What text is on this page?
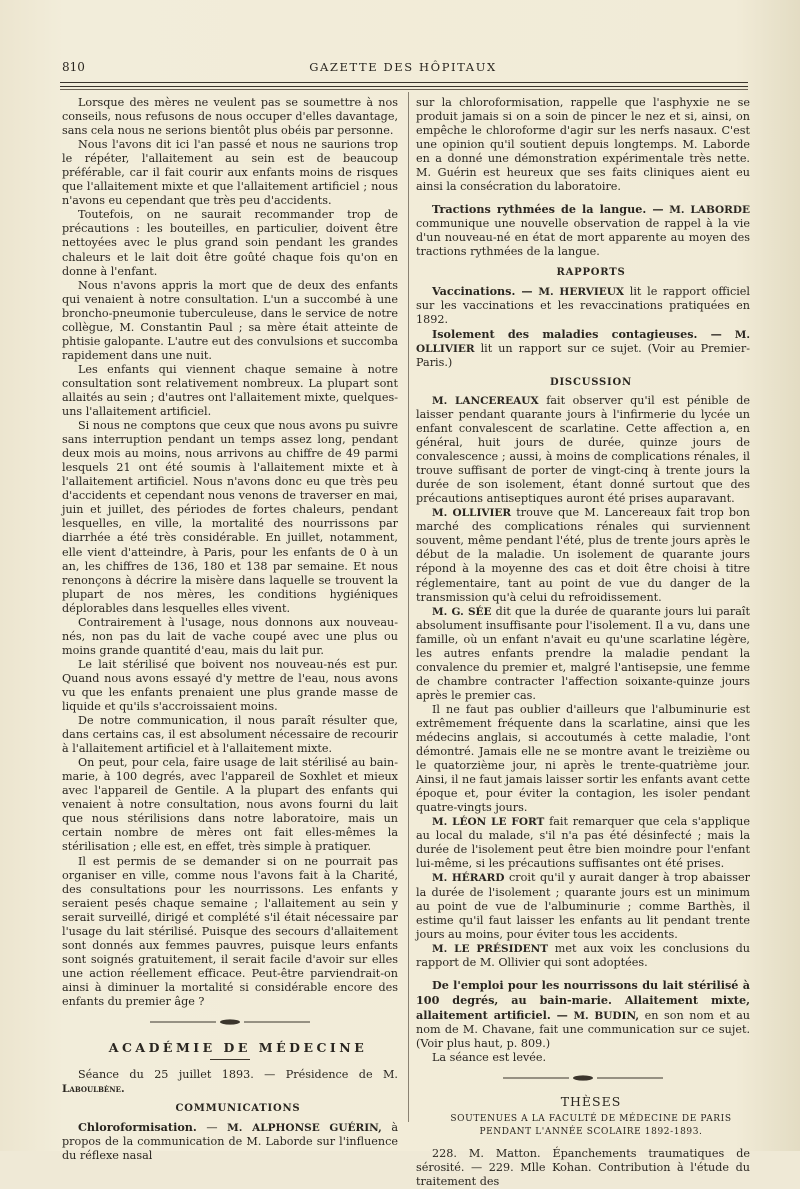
810	GAZETTE DES HÔPITAUX

Lorsque des mères ne veulent pas se soumettre à nos conseils, nous refusons de nous occuper d'elles davantage, sans cela nous ne serions bientôt plus obéis par personne.

Nous l'avons dit ici l'an passé et nous ne saurions trop le répéter, l'allaitement au sein est de beaucoup préférable, car il fait courir aux enfants moins de risques que l'allaitement mixte et que l'allaitement artificiel ; nous n'avons eu cependant que très peu d'accidents.

Toutefois, on ne saurait recommander trop de précautions : les bouteilles, en particulier, doivent être nettoyées avec le plus grand soin pendant les grandes chaleurs et le lait doit être goûté chaque fois qu'on en donne à l'enfant.

Nous n'avons appris la mort que de deux des enfants qui venaient à notre consultation. L'un a succombé à une broncho-pneumonie tuberculeuse, dans le service de notre collègue, M. Constantin Paul ; sa mère était atteinte de phtisie galopante. L'autre eut des convulsions et succomba rapidement dans une nuit.

Les enfants qui viennent chaque semaine à notre consultation sont relativement nombreux. La plupart sont allaités au sein ; d'autres ont l'allaitement mixte, quelques-uns l'allaitement artificiel.

Si nous ne comptons que ceux que nous avons pu suivre sans interruption pendant un temps assez long, pendant deux mois au moins, nous arrivons au chiffre de 49 parmi lesquels 21 ont été soumis à l'allaitement mixte et à l'allaitement artificiel. Nous n'avons donc eu que très peu d'accidents et cependant nous venons de traverser en mai, juin et juillet, des périodes de fortes chaleurs, pendant lesquelles, en ville, la mortalité des nourrissons par diarrhée a été très considérable. En juillet, notamment, elle vient d'atteindre, à Paris, pour les enfants de 0 à un an, les chiffres de 136, 180 et 138 par semaine. Et nous renonçons à décrire la misère dans laquelle se trouvent la plupart de nos mères, les conditions hygiéniques déplorables dans lesquelles elles vivent.

Contrairement à l'usage, nous donnons aux nouveau-nés, non pas du lait de vache coupé avec une plus ou moins grande quantité d'eau, mais du lait pur.

Le lait stérilisé que boivent nos nouveau-nés est pur. Quand nous avons essayé d'y mettre de l'eau, nous avons vu que les enfants prenaient une plus grande masse de liquide et qu'ils s'accroissaient moins.

De notre communication, il nous paraît résulter que, dans certains cas, il est absolument nécessaire de recourir à l'allaitement artificiel et à l'allaitement mixte.

On peut, pour cela, faire usage de lait stérilisé au bain-marie, à 100 degrés, avec l'appareil de Soxhlet et mieux avec l'appareil de Gentile. A la plupart des enfants qui venaient à notre consultation, nous avons fourni du lait que nous stérilisions dans notre laboratoire, mais un certain nombre de mères ont fait elles-mêmes la stérilisation ; elle est, en effet, très simple à pratiquer.

Il est permis de se demander si on ne pourrait pas organiser en ville, comme nous l'avons fait à la Charité, des consultations pour les nourrissons. Les enfants y seraient pesés chaque semaine ; l'allaitement au sein y serait surveillé, dirigé et complété s'il était nécessaire par l'usage du lait stérilisé. Puisque des secours d'allaitement sont donnés aux femmes pauvres, puisque leurs enfants sont soignés gratuitement, il serait facile d'avoir sur elles une action réellement efficace. Peut-être parviendrait-on ainsi à diminuer la mortalité si considérable encore des enfants du premier âge ?

ACADÉMIE DE MÉDECINE

Séance du 25 juillet 1893. — Présidence de M. Laboulbène.

COMMUNICATIONS

Chloroformisation. — M. ALPHONSE GUÉRIN, à propos de la communication de M. Laborde sur l'influence du réflexe nasal

sur la chloroformisation, rappelle que l'asphyxie ne se produit jamais si on a soin de pincer le nez et si, ainsi, on empêche le chloroforme d'agir sur les nerfs nasaux. C'est une opinion qu'il soutient depuis longtemps. M. Laborde en a donné une démonstration expérimentale très nette. M. Guérin est heureux que ses faits cliniques aient eu ainsi la consécration du laboratoire.

Tractions rythmées de la langue. — M. LABORDE communique une nouvelle observation de rappel à la vie d'un nouveau-né en état de mort apparente au moyen des tractions rythmées de la langue.

RAPPORTS

Vaccinations. — M. HERVIEUX lit le rapport officiel sur les vaccinations et les revaccinations pratiquées en 1892.

Isolement des maladies contagieuses. — M. OLLIVIER lit un rapport sur ce sujet. (Voir au Premier-Paris.)

DISCUSSION

M. LANCEREAUX fait observer qu'il est pénible de laisser pendant quarante jours à l'infirmerie du lycée un enfant convalescent de scarlatine. Cette affection a, en général, huit jours de durée, quinze jours de convalescence ; aussi, à moins de complications rénales, il trouve suffisant de porter de vingt-cinq à trente jours la durée de son isolement, étant donné surtout que des précautions antiseptiques auront été prises auparavant.

M. OLLIVIER trouve que M. Lancereaux fait trop bon marché des complications rénales qui surviennent souvent, même pendant l'été, plus de trente jours après le début de la maladie. Un isolement de quarante jours répond à la moyenne des cas et doit être choisi à titre réglementaire, tant au point de vue du danger de la transmission qu'à celui du refroidissement.

M. G. SÉE dit que la durée de quarante jours lui paraît absolument insuffisante pour l'isolement. Il a vu, dans une famille, où un enfant n'avait eu qu'une scarlatine légère, les autres enfants prendre la maladie pendant la convalence du premier et, malgré l'antisepsie, une femme de chambre contracter l'affection soixante-quinze jours après le premier cas.

Il ne faut pas oublier d'ailleurs que l'albuminurie est extrêmement fréquente dans la scarlatine, ainsi que les médecins anglais, si accoutumés à cette maladie, l'ont démontré. Jamais elle ne se montre avant le treizième ou le quatorzième jour, ni après le trente-quatrième jour. Ainsi, il ne faut jamais laisser sortir les enfants avant cette époque et, pour éviter la contagion, les isoler pendant quatre-vingts jours.

M. LÉON LE FORT fait remarquer que cela s'applique au local du malade, s'il n'a pas été désinfecté ; mais la durée de l'isolement peut être bien moindre pour l'enfant lui-même, si les précautions suffisantes ont été prises.

M. HÉRARD croit qu'il y aurait danger à trop abaisser la durée de l'isolement ; quarante jours est un minimum au point de vue de l'albuminurie ; comme Barthès, il estime qu'il faut laisser les enfants au lit pendant trente jours au moins, pour éviter tous les accidents.

M. LE PRÉSIDENT met aux voix les conclusions du rapport de M. Ollivier qui sont adoptées.

De l'emploi pour les nourrissons du lait stérilisé à 100 degrés, au bain-marie. Allaitement mixte, allaitement artificiel. — M. BUDIN, en son nom et au nom de M. Chavane, fait une communication sur ce sujet. (Voir plus haut, p. 809.)

La séance est levée.

THÈSES

SOUTENUES A LA FACULTÉ DE MÉDECINE DE PARIS

PENDANT L'ANNÉE SCOLAIRE 1892-1893.

228. M. Matton. Épanchements traumatiques de sérosité. — 229. Mlle Kohan. Contribution à l'étude du traitement des
